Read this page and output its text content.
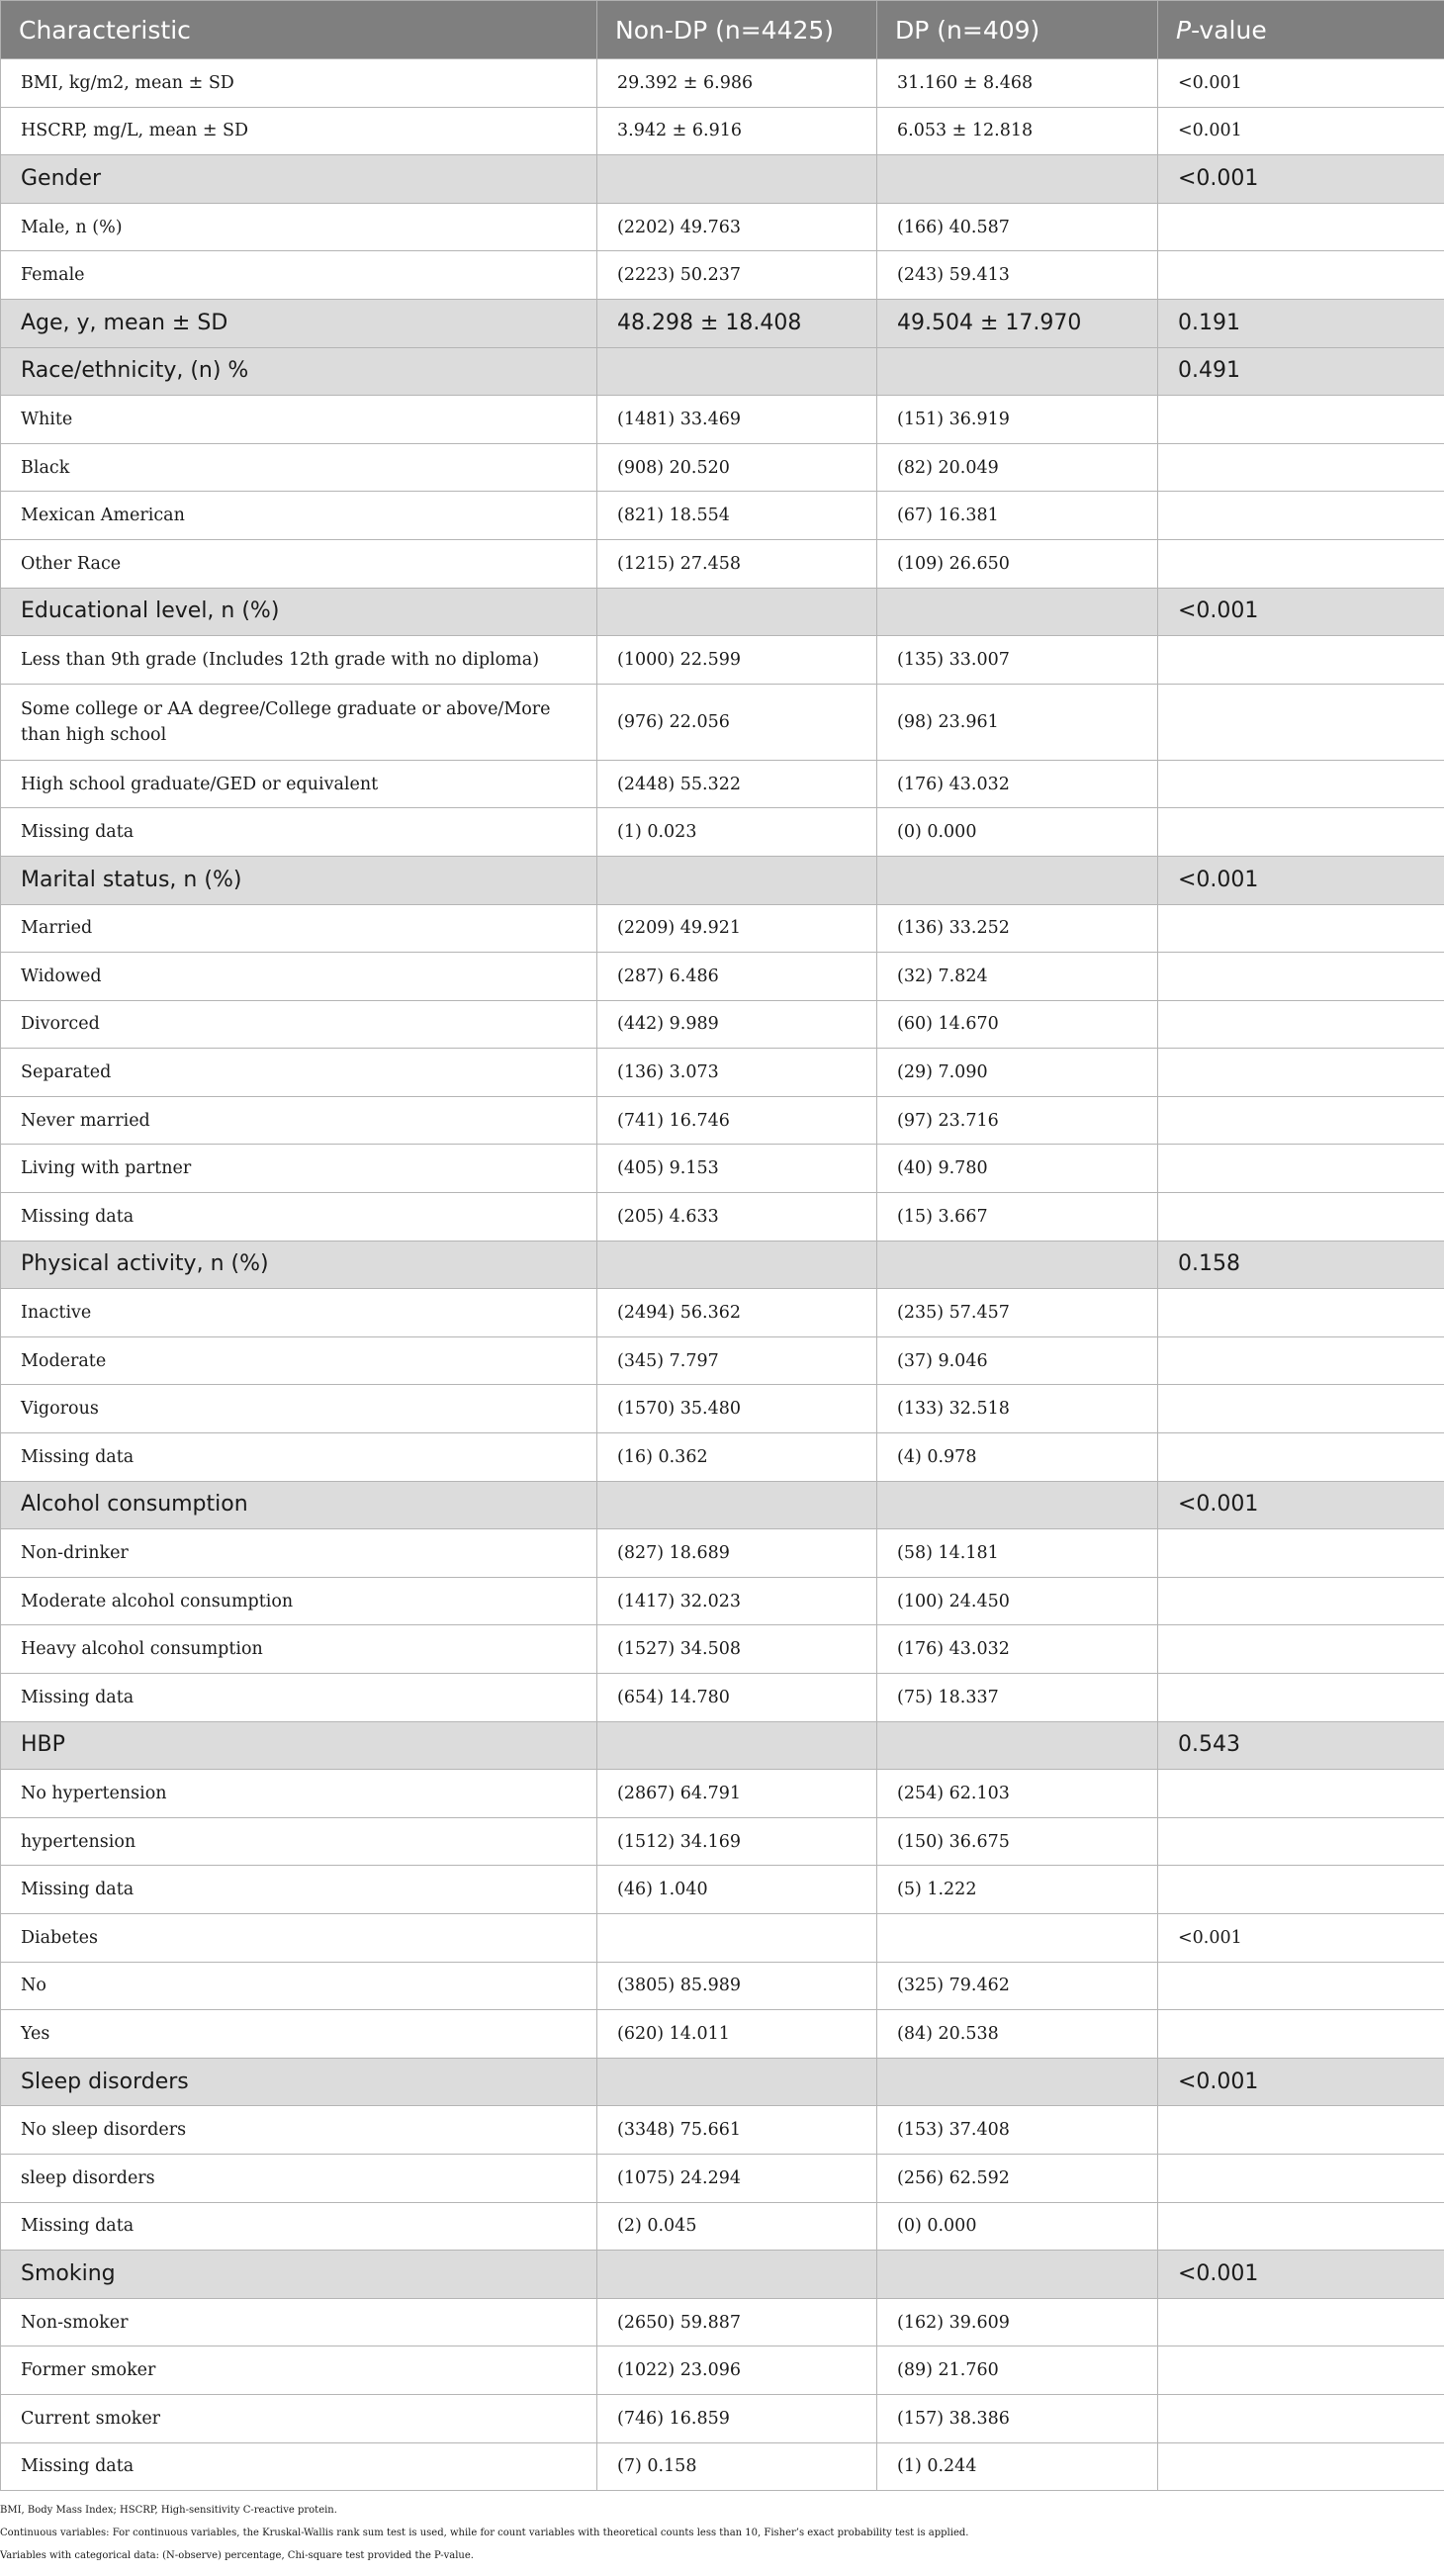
Characteristic	Non-DP (n=4425)	DP (n=409)	P-value
BMI, kg/m2, mean ± SD	29.392 ± 6.986	31.160 ± 8.468	<0.001
HSCRP, mg/L, mean ± SD	3.942 ± 6.916	6.053 ± 12.818	<0.001
Gender			<0.001
Male, n (%)	(2202) 49.763	(166) 40.587	
Female	(2223) 50.237	(243) 59.413	
Age, y, mean ± SD	48.298 ± 18.408	49.504 ± 17.970	0.191
Race/ethnicity, (n) %			0.491
White	(1481) 33.469	(151) 36.919	
Black	(908) 20.520	(82) 20.049	
Mexican American	(821) 18.554	(67) 16.381	
Other Race	(1215) 27.458	(109) 26.650	
Educational level, n (%)			<0.001
Less than 9th grade (Includes 12th grade with no diploma)	(1000) 22.599	(135) 33.007	
Some college or AA degree/College graduate or above/More than high school	(976) 22.056	(98) 23.961	
High school graduate/GED or equivalent	(2448) 55.322	(176) 43.032	
Missing data	(1) 0.023	(0) 0.000	
Marital status, n (%)			<0.001
Married	(2209) 49.921	(136) 33.252	
Widowed	(287) 6.486	(32) 7.824	
Divorced	(442) 9.989	(60) 14.670	
Separated	(136) 3.073	(29) 7.090	
Never married	(741) 16.746	(97) 23.716	
Living with partner	(405) 9.153	(40) 9.780	
Missing data	(205) 4.633	(15) 3.667	
Physical activity, n (%)			0.158
Inactive	(2494) 56.362	(235) 57.457	
Moderate	(345) 7.797	(37) 9.046	
Vigorous	(1570) 35.480	(133) 32.518	
Missing data	(16) 0.362	(4) 0.978	
Alcohol consumption			<0.001
Non-drinker	(827) 18.689	(58) 14.181	
Moderate alcohol consumption	(1417) 32.023	(100) 24.450	
Heavy alcohol consumption	(1527) 34.508	(176) 43.032	
Missing data	(654) 14.780	(75) 18.337	
HBP			0.543
No hypertension	(2867) 64.791	(254) 62.103	
hypertension	(1512) 34.169	(150) 36.675	
Missing data	(46) 1.040	(5) 1.222	
Diabetes			<0.001
No	(3805) 85.989	(325) 79.462	
Yes	(620) 14.011	(84) 20.538	
Sleep disorders			<0.001
No sleep disorders	(3348) 75.661	(153) 37.408	
sleep disorders	(1075) 24.294	(256) 62.592	
Missing data	(2) 0.045	(0) 0.000	
Smoking			<0.001
Non-smoker	(2650) 59.887	(162) 39.609	
Former smoker	(1022) 23.096	(89) 21.760	
Current smoker	(746) 16.859	(157) 38.386	
Missing data	(7) 0.158	(1) 0.244	

BMI, Body Mass Index; HSCRP, High-sensitivity C-reactive protein.

Continuous variables: For continuous variables, the Kruskal-Wallis rank sum test is used, while for count variables with theoretical counts less than 10, Fisher’s exact probability test is applied.

Variables with categorical data: (N-observe) percentage, Chi-square test provided the P-value.
